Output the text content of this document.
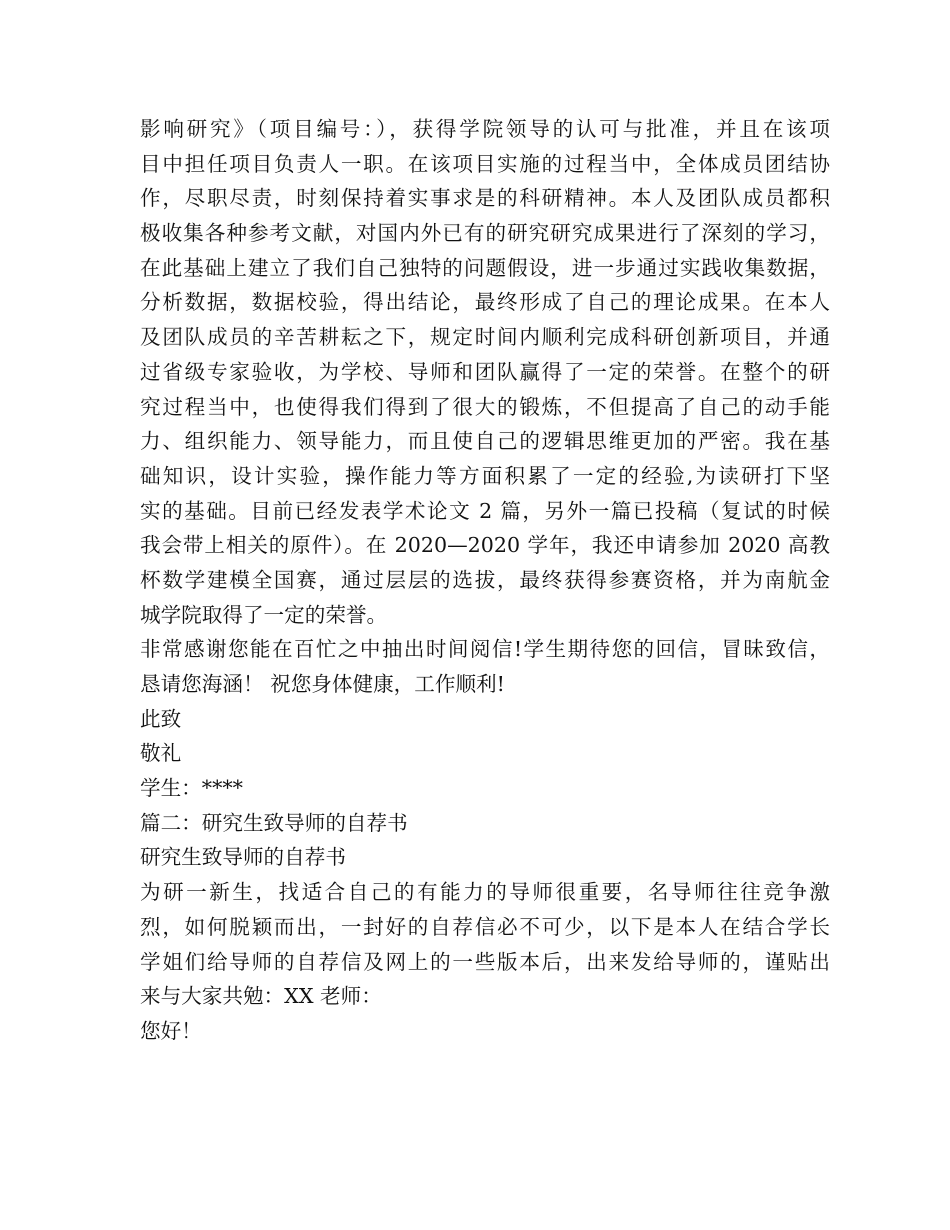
影响研究》（项目编号：），获得学院领导的认可与批准，并且在该项
目中担任项目负责人一职。在该项目实施的过程当中，全体成员团结协
作，尽职尽责，时刻保持着实事求是的科研精神。本人及团队成员都积
极收集各种参考文献，对国内外已有的研究研究成果进行了深刻的学习，
在此基础上建立了我们自己独特的问题假设，进一步通过实践收集数据，
分析数据，数据校验，得出结论，最终形成了自己的理论成果。在本人
及团队成员的辛苦耕耘之下，规定时间内顺利完成科研创新项目，并通
过省级专家验收，为学校、导师和团队赢得了一定的荣誉。在整个的研
究过程当中，也使得我们得到了很大的锻炼，不但提高了自己的动手能
力、组织能力、领导能力，而且使自己的逻辑思维更加的严密。我在基
础知识，设计实验，操作能力等方面积累了一定的经验,为读研打下坚
实的基础。目前已经发表学术论文 2 篇，另外一篇已投稿（复试的时候
我会带上相关的原件）。在 2020—2020 学年，我还申请参加 2020 高教
杯数学建模全国赛，通过层层的选拔，最终获得参赛资格，并为南航金
城学院取得了一定的荣誉。
非常感谢您能在百忙之中抽出时间阅信!学生期待您的回信，冒昧致信，
恳请您海涵！ 祝您身体健康，工作顺利!
此致
敬礼
学生：****
篇二：研究生致导师的自荐书
研究生致导师的自荐书
为研一新生，找适合自己的有能力的导师很重要，名导师往往竞争激
烈，如何脱颖而出，一封好的自荐信必不可少，以下是本人在结合学长
学姐们给导师的自荐信及网上的一些版本后，出来发给导师的，谨贴出
来与大家共勉：XX 老师：
您好！
